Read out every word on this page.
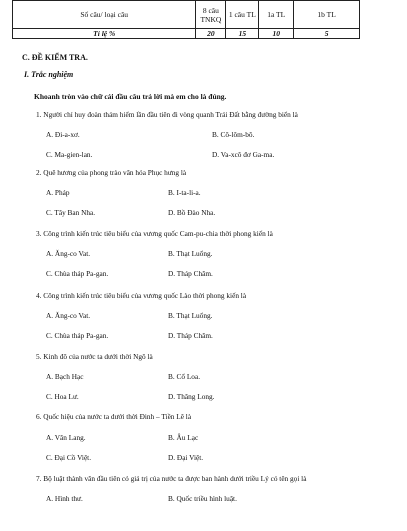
Số câu/ loại câu	8 câu TNKQ	1 câu TL	1a TL	1b TL
Tỉ lệ %	20	15	10	5
C. ĐỀ KIỂM TRA.
I. Trắc nghiệm
Khoanh tròn vào chữ cái đầu câu trả lời mà em cho là đúng.
1. Người chỉ huy đoàn thám hiểm lần đầu tiên đi vòng quanh Trái Đất bằng đường biển là
A. Đi-a-xơ.	B. Cô-lôm-bô.
C. Ma-gien-lan.	D. Va-xcô đơ Ga-ma.
2. Quê hương của phong trào văn hóa Phục hưng là
A. Pháp	B. I-ta-li-a.
C. Tây Ban Nha.	D. Bồ Đào Nha.
3. Công trình kiến trúc tiêu biểu của vương quốc Cam-pu-chia thời phong kiến là
A. Ăng-co Vat.	B. Thạt Luổng.
C. Chùa tháp Pa-gan.	D. Tháp Chăm.
4. Công trình kiến trúc tiêu biểu của vương quốc Lào thời phong kiến là
A. Ăng-co Vat.	B. Thạt Luổng.
C. Chùa tháp Pa-gan.	D. Tháp Chăm.
5. Kinh đô của nước ta dưới thời Ngô là
A. Bạch Hạc	B. Cổ Loa.
C. Hoa Lư.	D. Thăng Long.
6. Quốc hiệu của nước ta dưới thời Đinh – Tiền Lê là
A. Văn Lang.	B. Âu Lạc
C. Đại Cồ Việt.	D. Đại Việt.
7. Bộ luật thành văn đầu tiên có giá trị của nước ta được ban hành dưới triều Lý có tên gọi là
A. Hình thư.	B. Quốc triều hình luật.
